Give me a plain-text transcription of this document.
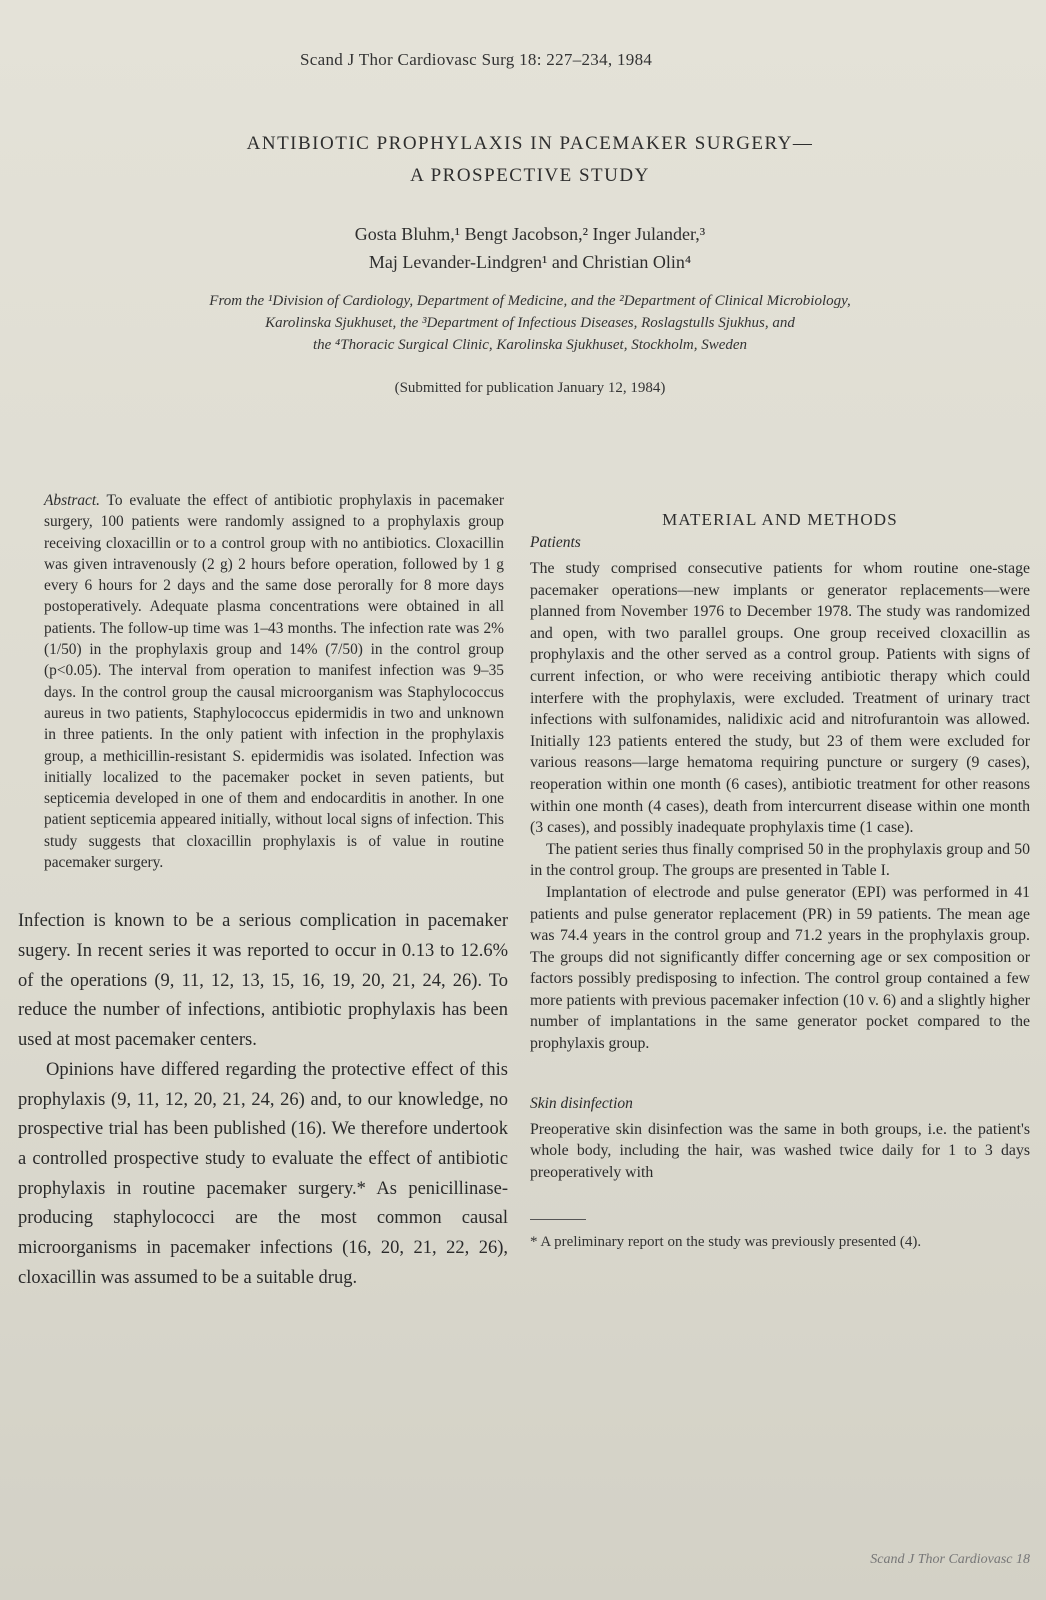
Scand J Thor Cardiovasc Surg 18: 227–234, 1984
ANTIBIOTIC PROPHYLAXIS IN PACEMAKER SURGERY—
A PROSPECTIVE STUDY
Gosta Bluhm,¹ Bengt Jacobson,² Inger Julander,³
Maj Levander-Lindgren¹ and Christian Olin⁴
From the ¹Division of Cardiology, Department of Medicine, and the ²Department of Clinical Microbiology,
Karolinska Sjukhuset, the ³Department of Infectious Diseases, Roslagstulls Sjukhus, and
the ⁴Thoracic Surgical Clinic, Karolinska Sjukhuset, Stockholm, Sweden
(Submitted for publication January 12, 1984)
Abstract. To evaluate the effect of antibiotic prophylaxis in pacemaker surgery, 100 patients were randomly assigned to a prophylaxis group receiving cloxacillin or to a control group with no antibiotics. Cloxacillin was given intravenously (2 g) 2 hours before operation, followed by 1 g every 6 hours for 2 days and the same dose perorally for 8 more days postoperatively. Adequate plasma concentrations were obtained in all patients. The follow-up time was 1–43 months. The infection rate was 2% (1/50) in the prophylaxis group and 14% (7/50) in the control group (p<0.05). The interval from operation to manifest infection was 9–35 days. In the control group the causal microorganism was Staphylococcus aureus in two patients, Staphylococcus epidermidis in two and unknown in three patients. In the only patient with infection in the prophylaxis group, a methicillin-resistant S. epidermidis was isolated. Infection was initially localized to the pacemaker pocket in seven patients, but septicemia developed in one of them and endocarditis in another. In one patient septicemia appeared initially, without local signs of infection. This study suggests that cloxacillin prophylaxis is of value in routine pacemaker surgery.

Infection is known to be a serious complication in pacemaker sugery. In recent series it was reported to occur in 0.13 to 12.6% of the operations (9, 11, 12, 13, 15, 16, 19, 20, 21, 24, 26). To reduce the number of infections, antibiotic prophylaxis has been used at most pacemaker centers.

Opinions have differed regarding the protective effect of this prophylaxis (9, 11, 12, 20, 21, 24, 26) and, to our knowledge, no prospective trial has been published (16). We therefore undertook a controlled prospective study to evaluate the effect of antibiotic prophylaxis in routine pacemaker surgery.* As penicillinase-producing staphylococci are the most common causal microorganisms in pacemaker infections (16, 20, 21, 22, 26), cloxacillin was assumed to be a suitable drug.

MATERIAL AND METHODS
Patients

The study comprised consecutive patients for whom routine one-stage pacemaker operations—new implants or generator replacements—were planned from November 1976 to December 1978. The study was randomized and open, with two parallel groups. One group received cloxacillin as prophylaxis and the other served as a control group. Patients with signs of current infection, or who were receiving antibiotic therapy which could interfere with the prophylaxis, were excluded. Treatment of urinary tract infections with sulfonamides, nalidixic acid and nitrofurantoin was allowed. Initially 123 patients entered the study, but 23 of them were excluded for various reasons—large hematoma requiring puncture or surgery (9 cases), reoperation within one month (6 cases), antibiotic treatment for other reasons within one month (4 cases), death from intercurrent disease within one month (3 cases), and possibly inadequate prophylaxis time (1 case).

The patient series thus finally comprised 50 in the prophylaxis group and 50 in the control group. The groups are presented in Table I.

Implantation of electrode and pulse generator (EPI) was performed in 41 patients and pulse generator replacement (PR) in 59 patients. The mean age was 74.4 years in the control group and 71.2 years in the prophylaxis group. The groups did not significantly differ concerning age or sex composition or factors possibly predisposing to infection. The control group contained a few more patients with previous pacemaker infection (10 v. 6) and a slightly higher number of implantations in the same generator pocket compared to the prophylaxis group.

Skin disinfection

Preoperative skin disinfection was the same in both groups, i.e. the patient's whole body, including the hair, was washed twice daily for 1 to 3 days preoperatively with

* A preliminary report on the study was previously presented (4).
Scand J Thor Cardiovasc 18
